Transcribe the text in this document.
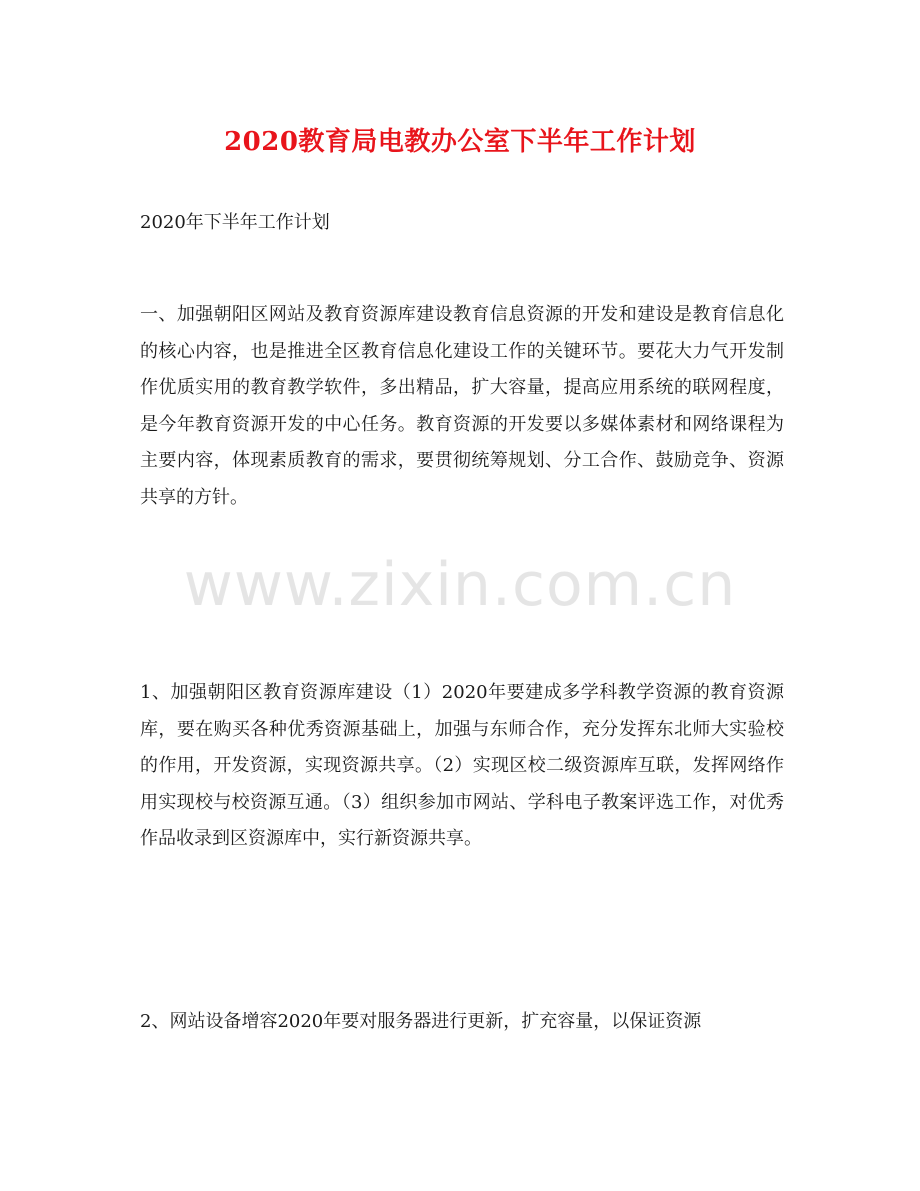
2020教育局电教办公室下半年工作计划
2020年下半年工作计划
一、加强朝阳区网站及教育资源库建设教育信息资源的开发和建设是教育信息化的核心内容，也是推进全区教育信息化建设工作的关键环节。要花大力气开发制作优质实用的教育教学软件，多出精品，扩大容量，提高应用系统的联网程度，是今年教育资源开发的中心任务。教育资源的开发要以多媒体素材和网络课程为主要内容，体现素质教育的需求，要贯彻统筹规划、分工合作、鼓励竞争、资源共享的方针。
1、加强朝阳区教育资源库建设（1）2020年要建成多学科教学资源的教育资源库，要在购买各种优秀资源基础上，加强与东师合作，充分发挥东北师大实验校的作用，开发资源，实现资源共享。（2）实现区校二级资源库互联，发挥网络作用实现校与校资源互通。（3）组织参加市网站、学科电子教案评选工作，对优秀作品收录到区资源库中，实行新资源共享。
2、网站设备增容2020年要对服务器进行更新，扩充容量，以保证资源
www.zixin.com.cn
